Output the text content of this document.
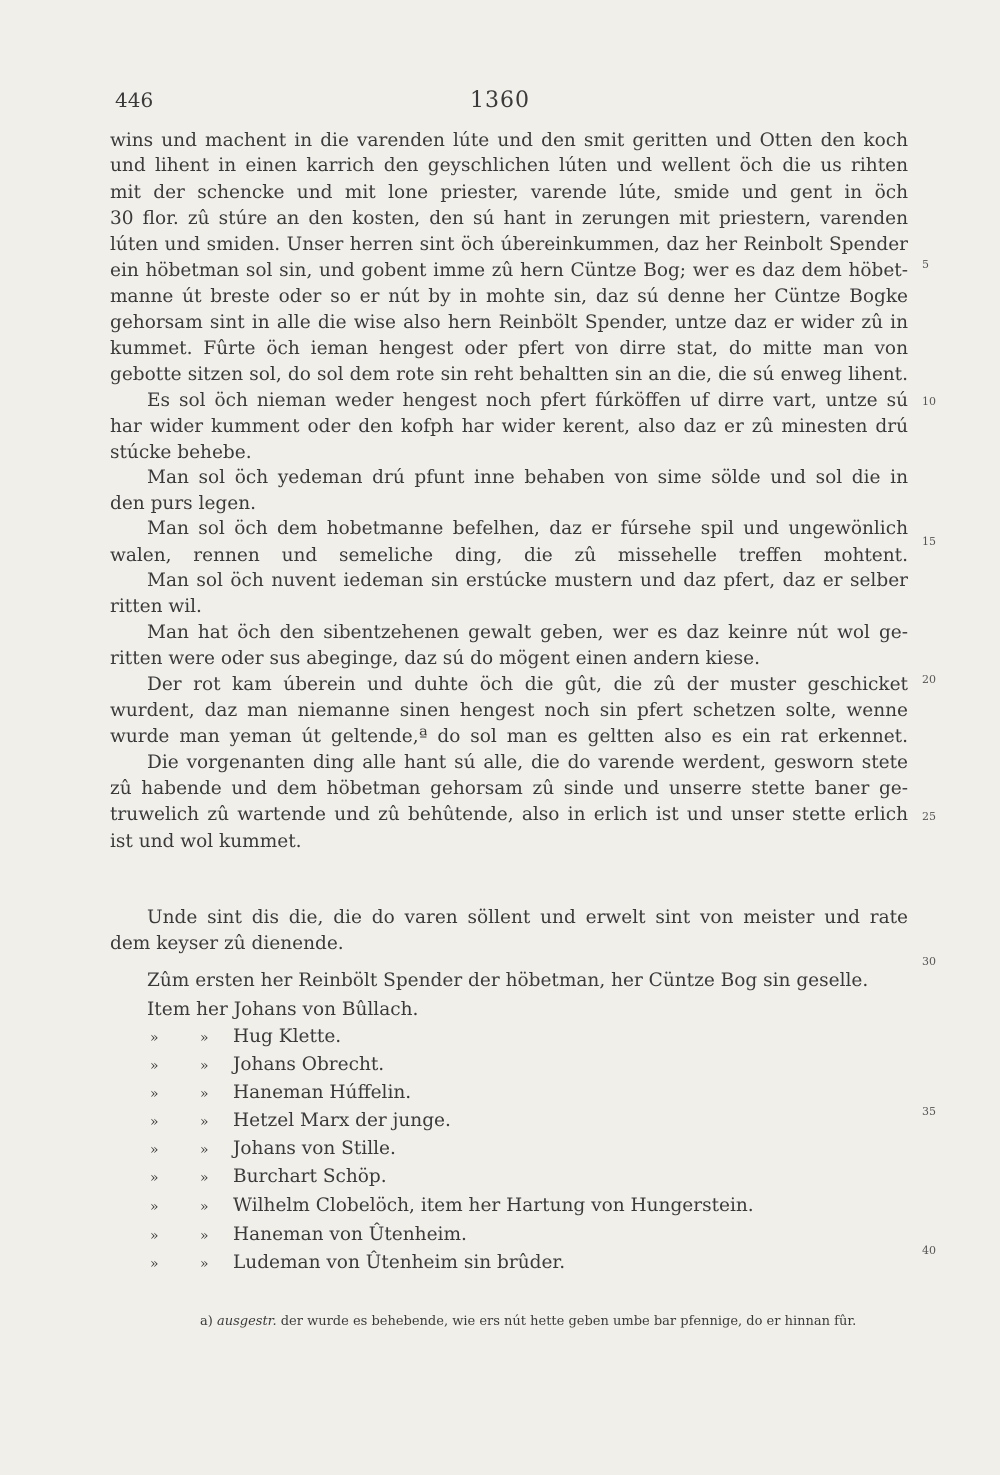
446	1360
wins und machent in die varenden lúte und den smit geritten und Otten den koch
und lihent in einen karrich den geyschlichen lúten und wellent öch die us rihten
mit der schencke und mit lone priester, varende lúte, smide und gent in öch
30 flor. zû stúre an den kosten, den sú hant in zerungen mit priestern, varenden
lúten und smiden. Unser herren sint öch úbereinkummen, daz her Reinbolt Spender
ein höbetman sol sin, und gobent imme zû hern Cüntze Bog; wer es daz dem höbet-
manne út breste oder so er nút by in mohte sin, daz sú denne her Cüntze Bogke
gehorsam sint in alle die wise also hern Reinbölt Spender, untze daz er wider zû in
kummet. Fûrte öch ieman hengest oder pfert von dirre stat, do mitte man von
gebotte sitzen sol, do sol dem rote sin reht behaltten sin an die, die sú enweg lihent.
Es sol öch nieman weder hengest noch pfert fúrköffen uf dirre vart, untze sú
har wider kumment oder den kofph har wider kerent, also daz er zû minesten drú
stúcke behebe.
Man sol öch yedeman drú pfunt inne behaben von sime sölde und sol die in
den purs legen.
Man sol öch dem hobetmanne befelhen, daz er fúrsehe spil und ungewönlich
walen, rennen und semeliche ding, die zû missehelle treffen mohtent.
Man sol öch nuvent iedeman sin erstúcke mustern und daz pfert, daz er selber
ritten wil.
Man hat öch den sibentzehenen gewalt geben, wer es daz keinre nút wol ge-
ritten were oder sus abeginge, daz sú do mögent einen andern kiese.
Der rot kam úberein und duhte öch die gût, die zû der muster geschicket
wurdent, daz man niemanne sinen hengest noch sin pfert schetzen solte, wenne
wurde man yeman út geltende,ª do sol man es geltten also es ein rat erkennet.
Die vorgenanten ding alle hant sú alle, die do varende werdent, gesworn stete
zû habende und dem höbetman gehorsam zû sinde und unserre stette baner ge-
truwelich zû wartende und zû behûtende, also in erlich ist und unser stette erlich
ist und wol kummet.
Unde sint dis die, die do varen söllent und erwelt sint von meister und rate
dem keyser zû dienende.
Zûm ersten her Reinbölt Spender der höbetman, her Cüntze Bog sin geselle.
Item her Johans von Bûllach.
5
10
15
20
25
30
35
40
»	» Hug Klette.
»	» Johans Obrecht.
»	» Haneman Húffelin.
»	» Hetzel Marx der junge.
»	» Johans von Stille.
»	» Burchart Schöp.
»	» Wilhelm Clobelöch, item her Hartung von Hungerstein.
»	» Haneman von Ûtenheim.
»	» Ludeman von Ûtenheim sin brûder.
a) ausgestr. der wurde es behebende, wie ers nút hette geben umbe bar pfennige, do er hinnan fûr.
